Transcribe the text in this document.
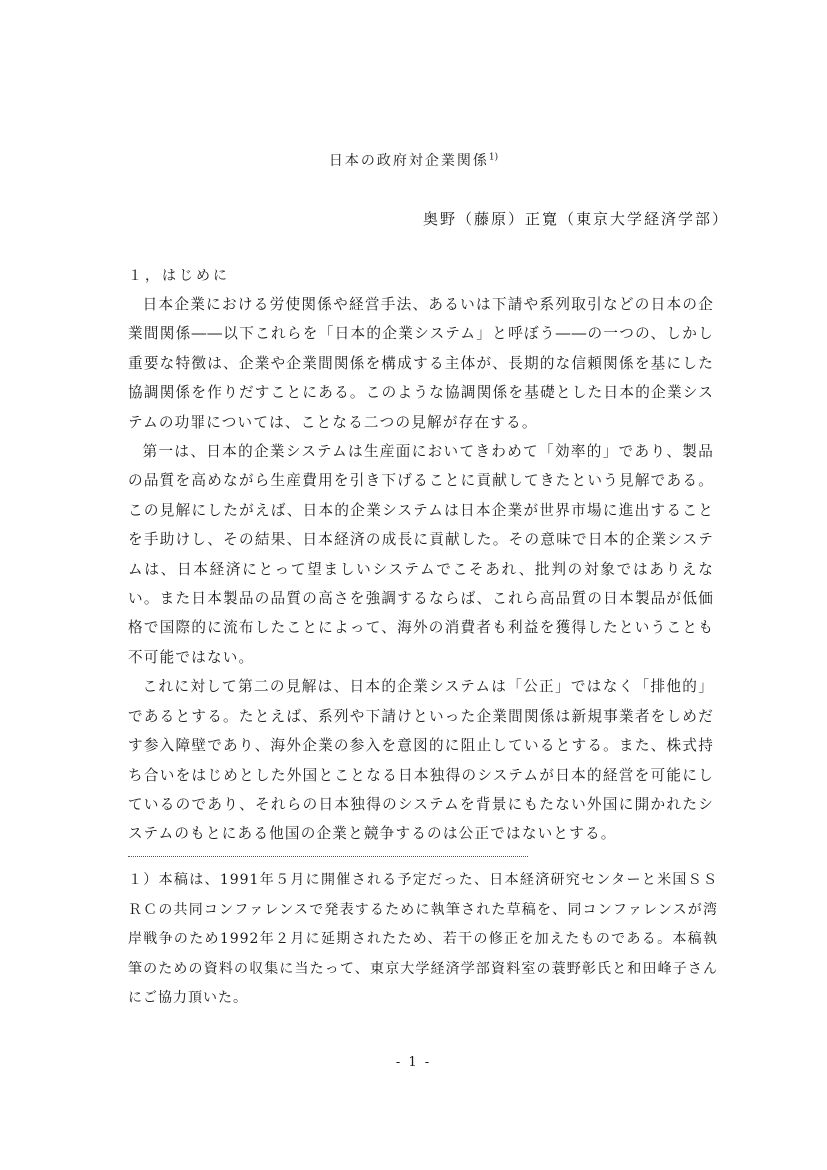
日本の政府対企業関係$^{1)}$
奥野（藤原）正寛（東京大学経済学部）
１，はじめに

日本企業における労使関係や経営手法、あるいは下請や系列取引などの日本の企業間関係――以下これらを「日本的企業システム」と呼ぼう――の一つの、しかし重要な特徴は、企業や企業間関係を構成する主体が、長期的な信頼関係を基にした協調関係を作りだすことにある。このような協調関係を基礎とした日本的企業システムの功罪については、ことなる二つの見解が存在する。

第一は、日本的企業システムは生産面においてきわめて「効率的」であり、製品の品質を高めながら生産費用を引き下げることに貢献してきたという見解である。この見解にしたがえば、日本的企業システムは日本企業が世界市場に進出することを手助けし、その結果、日本経済の成長に貢献した。その意味で日本的企業システムは、日本経済にとって望ましいシステムでこそあれ、批判の対象ではありえない。また日本製品の品質の高さを強調するならば、これら高品質の日本製品が低価格で国際的に流布したことによって、海外の消費者も利益を獲得したということも不可能ではない。

これに対して第二の見解は、日本的企業システムは「公正」ではなく「排他的」であるとする。たとえば、系列や下請けといった企業間関係は新規事業者をしめだす参入障壁であり、海外企業の参入を意図的に阻止しているとする。また、株式持ち合いをはじめとした外国とことなる日本独得のシステムが日本的経営を可能にしているのであり、それらの日本独得のシステムを背景にもたない外国に開かれたシステムのもとにある他国の企業と競争するのは公正ではないとする。

１）本稿は、1991年５月に開催される予定だった、日本経済研究センターと米国ＳＳＲＣの共同コンファレンスで発表するために執筆された草稿を、同コンファレンスが湾岸戦争のため1992年２月に延期されたため、若干の修正を加えたものである。本稿執筆のための資料の収集に当たって、東京大学経済学部資料室の蓑野彰氏と和田峰子さんにご協力頂いた。
- 1 -
